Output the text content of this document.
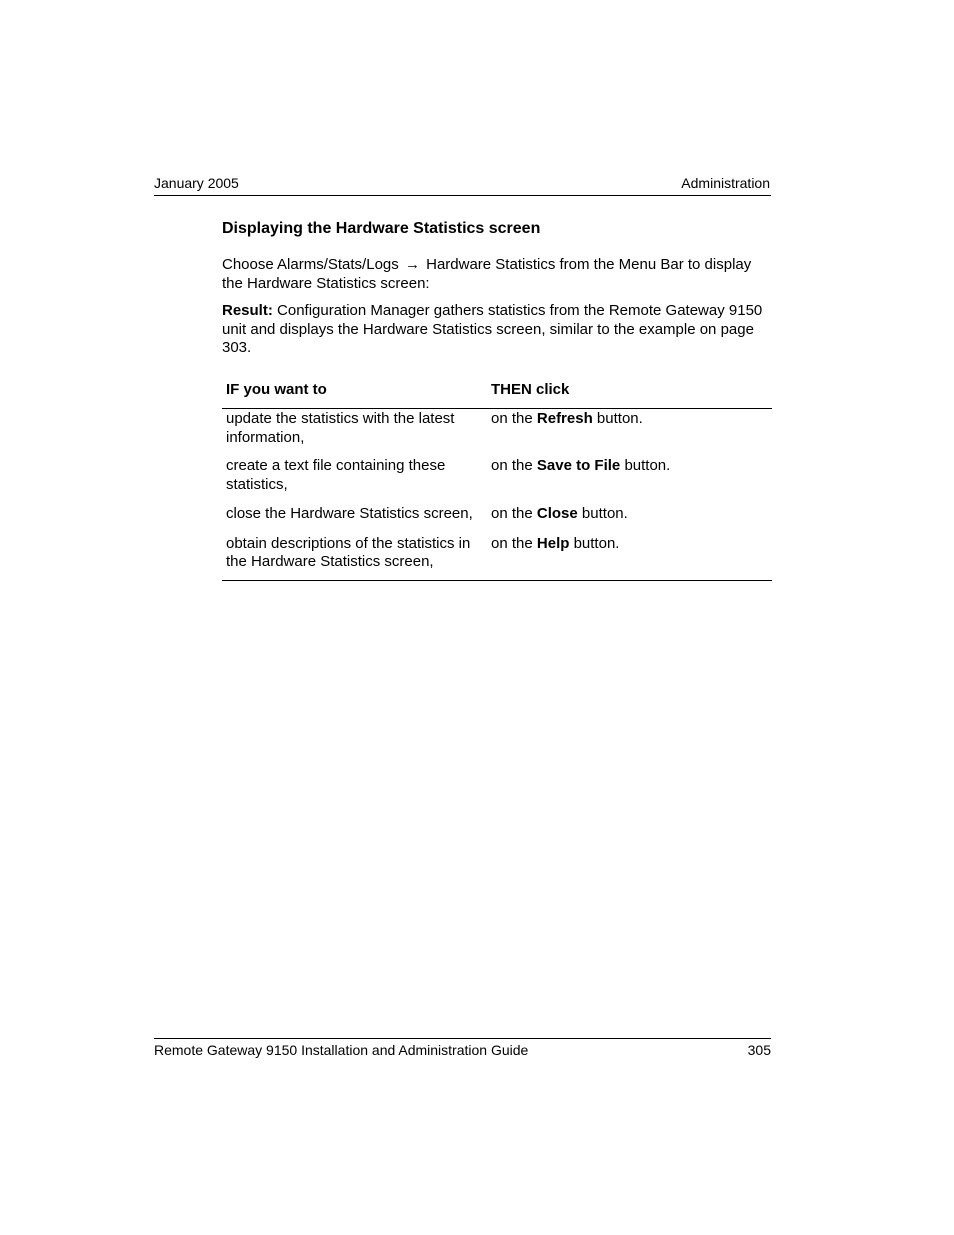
January 2005	Administration
Displaying the Hardware Statistics screen

Choose Alarms/Stats/Logs → Hardware Statistics from the Menu Bar to display the Hardware Statistics screen:

Result: Configuration Manager gathers statistics from the Remote Gateway 9150 unit and displays the Hardware Statistics screen, similar to the example on page 303.

IF you want to	THEN click
update the statistics with the latest information,	on the Refresh button.
create a text file containing these statistics,	on the Save to File button.
close the Hardware Statistics screen,	on the Close button.
obtain descriptions of the statistics in the Hardware Statistics screen,	on the Help button.
Remote Gateway 9150 Installation and Administration Guide	305
